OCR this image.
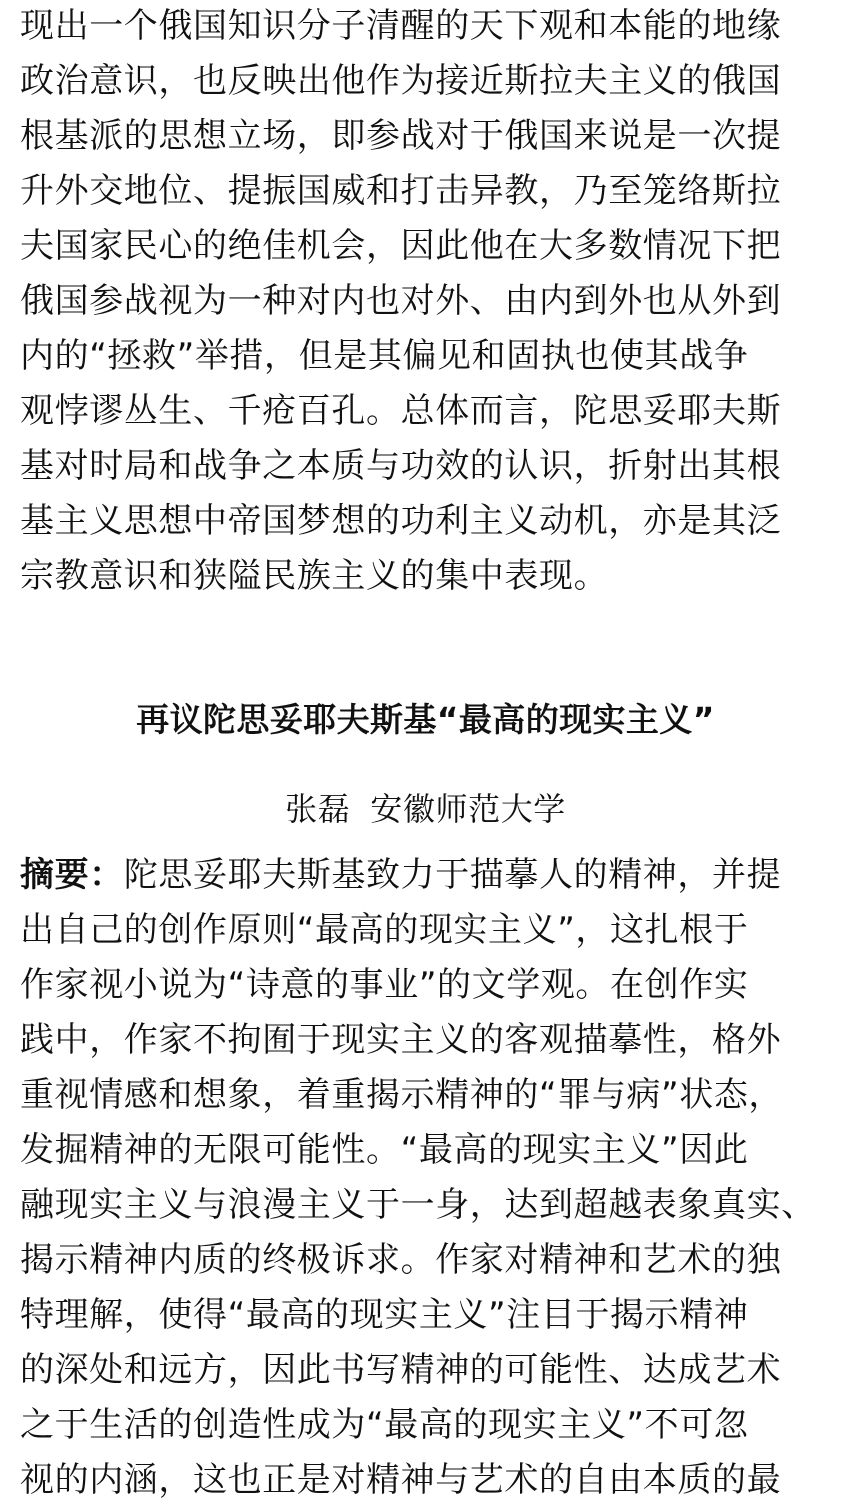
现出一个俄国知识分子清醒的天下观和本能的地缘
政治意识，也反映出他作为接近斯拉夫主义的俄国
根基派的思想立场，即参战对于俄国来说是一次提
升外交地位、提振国威和打击异教，乃至笼络斯拉
夫国家民心的绝佳机会，因此他在大多数情况下把
俄国参战视为一种对内也对外、由内到外也从外到
内的“拯救”举措，但是其偏见和固执也使其战争
观悖谬丛生、千疮百孔。总体而言，陀思妥耶夫斯
基对时局和战争之本质与功效的认识，折射出其根
基主义思想中帝国梦想的功利主义动机，亦是其泛
宗教意识和狭隘民族主义的集中表现。
再议陀思妥耶夫斯基“最高的现实主义”
张磊 安徽师范大学
摘要：陀思妥耶夫斯基致力于描摹人的精神，并提
出自己的创作原则“最高的现实主义”，这扎根于
作家视小说为“诗意的事业”的文学观。在创作实
践中，作家不拘囿于现实主义的客观描摹性，格外
重视情感和想象，着重揭示精神的“罪与病”状态，
发掘精神的无限可能性。“最高的现实主义”因此
融现实主义与浪漫主义于一身，达到超越表象真实、
揭示精神内质的终极诉求。作家对精神和艺术的独
特理解，使得“最高的现实主义”注目于揭示精神
的深处和远方，因此书写精神的可能性、达成艺术
之于生活的创造性成为“最高的现实主义”不可忽
视的内涵，这也正是对精神与艺术的自由本质的最
